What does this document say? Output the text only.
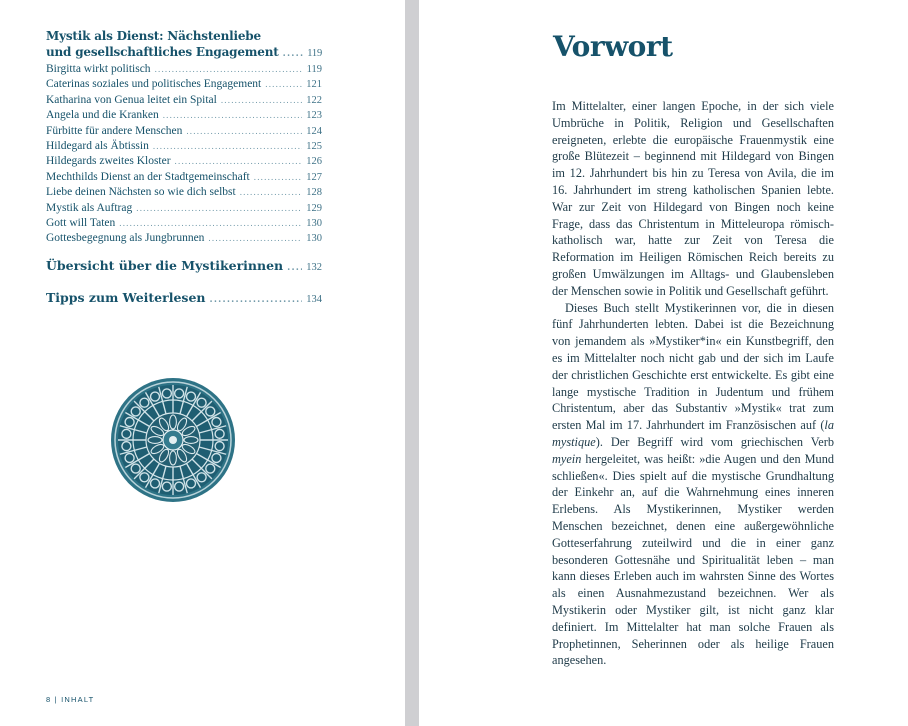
Mystik als Dienst: Nächstenliebe
und gesellschaftliches Engagement .....	119
Birgitta wirkt politisch .....	119
Caterinas soziales und politisches Engagement .....	121
Katharina von Genua leitet ein Spital .....	122
Angela und die Kranken .....	123
Fürbitte für andere Menschen .....	124
Hildegard als Äbtissin .....	125
Hildegards zweites Kloster .....	126
Mechthilds Dienst an der Stadtgemeinschaft .....	127
Liebe deinen Nächsten so wie dich selbst .....	128
Mystik als Auftrag .....	129
Gott will Taten .....	130
Gottesbegegnung als Jungbrunnen .....	130
Übersicht über die Mystikerinnen ..... 132
Tipps zum Weiterlesen .....	134
8 | INHALT
Vorwort

Im Mittelalter, einer langen Epoche, in der sich viele Umbrüche in Politik, Religion und Gesellschaften ereigneten, erlebte die europäische Frauenmystik eine große Blütezeit – beginnend mit Hildegard von Bingen im 12. Jahrhundert bis hin zu Teresa von Avila, die im 16. Jahrhundert im streng katholischen Spanien lebte. War zur Zeit von Hildegard von Bingen noch keine Frage, dass das Christentum in Mitteleuropa römisch-katholisch war, hatte zur Zeit von Teresa die Reformation im Heiligen Römischen Reich bereits zu großen Umwälzungen im Alltags- und Glaubensleben der Menschen sowie in Politik und Gesellschaft geführt.

Dieses Buch stellt Mystikerinnen vor, die in diesen fünf Jahrhunderten lebten. Dabei ist die Bezeichnung von jemandem als »Mystiker*in« ein Kunstbegriff, den es im Mittelalter noch nicht gab und der sich im Laufe der christlichen Geschichte erst entwickelte. Es gibt eine lange mystische Tradition in Judentum und frühem Christentum, aber das Substantiv »Mystik« trat zum ersten Mal im 17. Jahrhundert im Französischen auf (la mystique). Der Begriff wird vom griechischen Verb myein hergeleitet, was heißt: »die Augen und den Mund schließen«. Dies spielt auf die mystische Grundhaltung der Einkehr an, auf die Wahrnehmung eines inneren Erlebens. Als Mystikerinnen, Mystiker werden Menschen bezeichnet, denen eine außergewöhnliche Gotteserfahrung zuteilwird und die in einer ganz besonderen Gottesnähe und Spiritualität leben – man kann dieses Erleben auch im wahrsten Sinne des Wortes als einen Ausnahmezustand bezeichnen. Wer als Mystikerin oder Mystiker gilt, ist nicht ganz klar definiert. Im Mittelalter hat man solche Frauen als Prophetinnen, Seherinnen oder als heilige Frauen angesehen.
